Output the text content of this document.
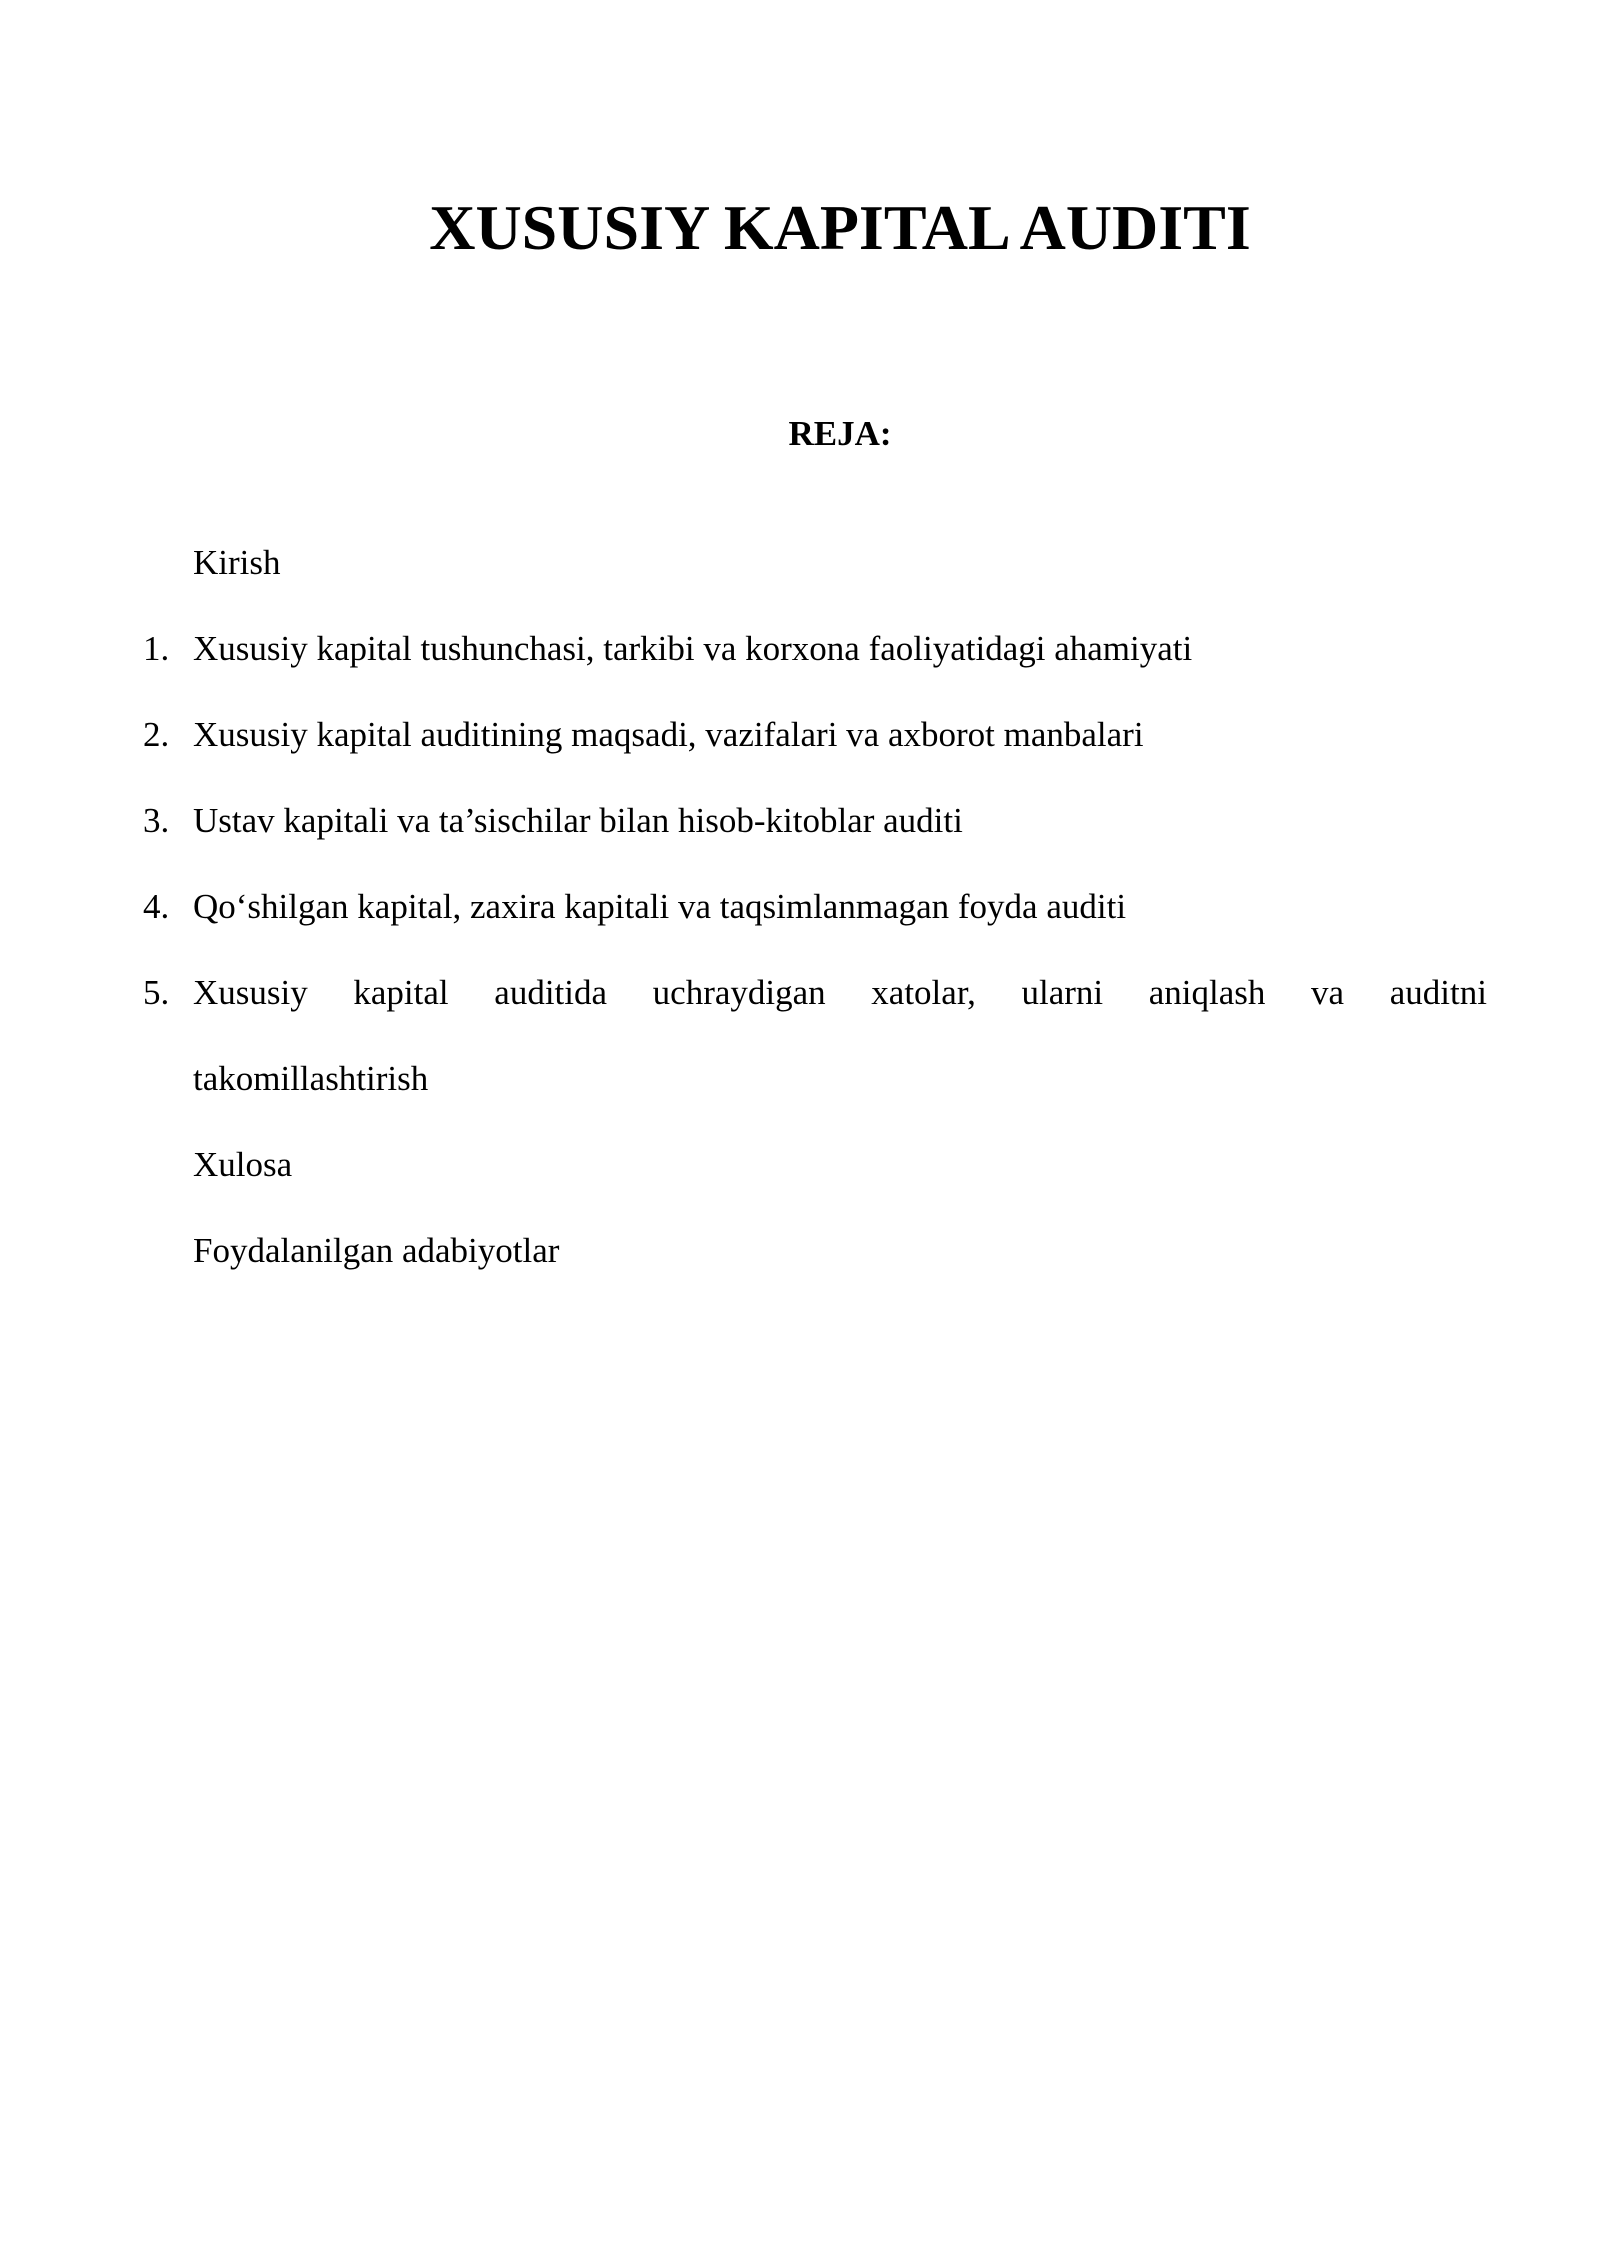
XUSUSIY KAPITAL AUDITI
REJA:
Kirish
1. Xususiy kapital tushunchasi, tarkibi va korxona faoliyatidagi ahamiyati
2. Xususiy kapital auditining maqsadi, vazifalari va axborot manbalari
3. Ustav kapitali va ta’sischilar bilan hisob-kitoblar auditi
4. Qo‘shilgan kapital, zaxira kapitali va taqsimlanmagan foyda auditi
5. Xususiy kapital auditida uchraydigan xatolar, ularni aniqlash va auditni
takomillashtirish
Xulosa
Foydalanilgan adabiyotlar
